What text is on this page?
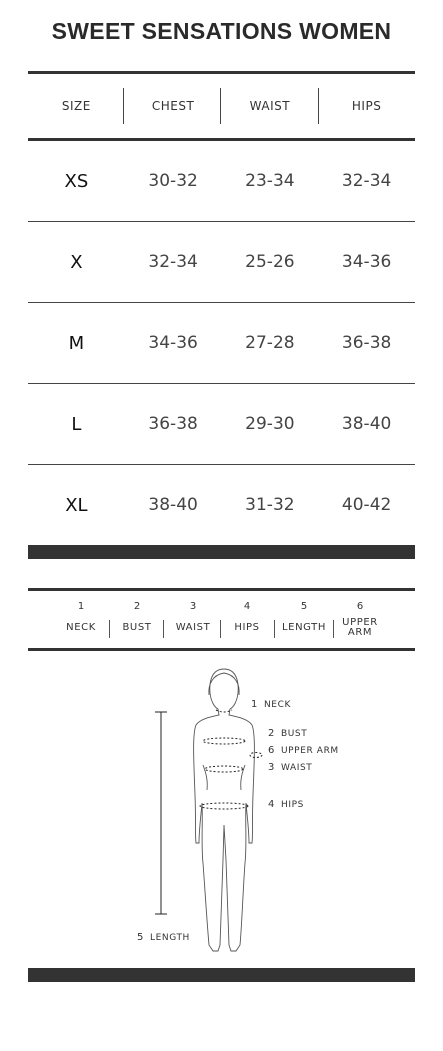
SWEET SENSATIONS WOMEN
SIZE	CHEST	WAIST	HIPS
XS	30-32	23-34	32-34
X	32-34	25-26	34-36
M	34-36	27-28	36-38
L	36-38	29-30	38-40
XL	38-40	31-32	40-42
1
NECK
2
BUST
3
WAIST
4
HIPS
5
LENGTH
6
UPPER
ARM
1 NECK
2 BUST
6 UPPER ARM
3 WAIST
4 HIPS
5 LENGTH
